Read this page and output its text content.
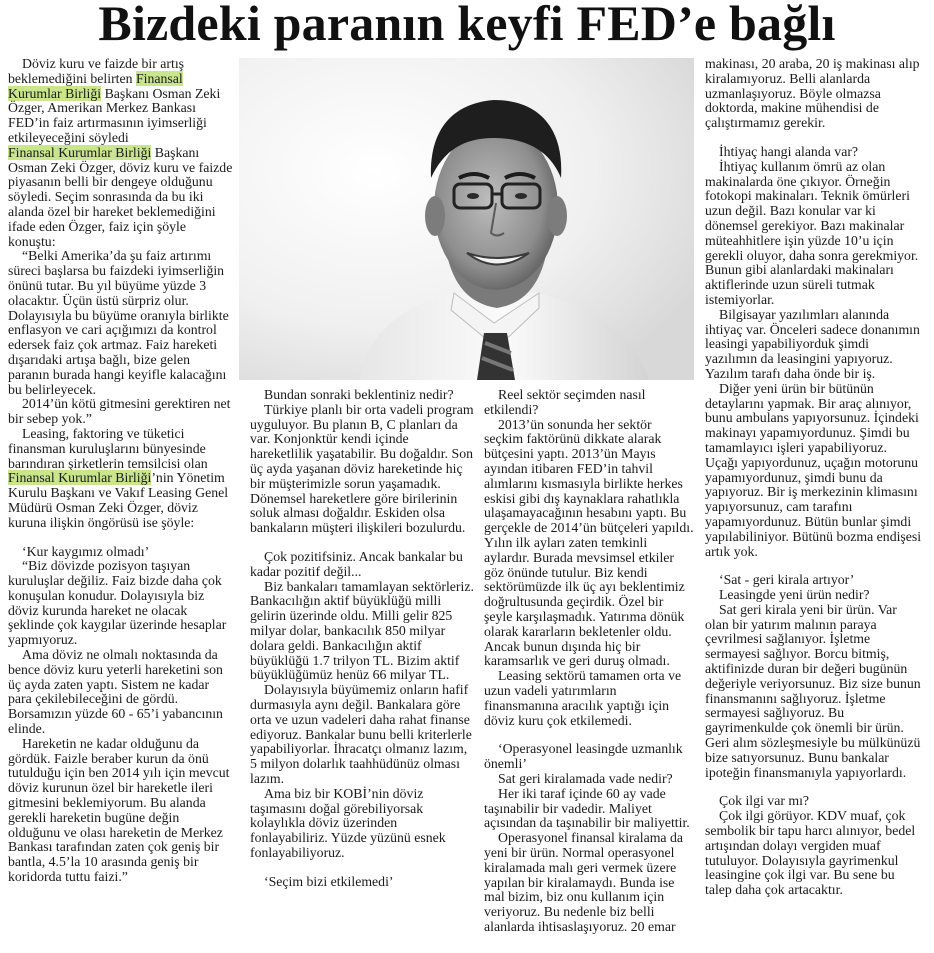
Bizdeki paranın keyfi FED’e bağlı

Döviz kuru ve faizde bir artış beklemediğini belirten Finansal Kurumlar Birliği Başkanı Osman Zeki Özger, Amerikan Merkez Bankası FED’in faiz artırmasının iyimserliği etkileyeceğini söyledi

Finansal Kurumlar Birliği Başkanı Osman Zeki Özger, döviz kuru ve faizde piyasanın belli bir dengeye olduğunu söyledi. Seçim sonrasında da bu iki alanda özel bir hareket beklemediğini ifade eden Özger, faiz için şöyle konuştu:

“Belki Amerika’da şu faiz artırımı süreci başlarsa bu faizdeki iyimserliğin önünü tutar. Bu yıl büyüme yüzde 3 olacaktır. Üçün üstü sürpriz olur. Dolayısıyla bu büyüme oranıyla birlikte enflasyon ve cari açığımızı da kontrol edersek faiz çok artmaz. Faiz hareketi dışarıdaki artışa bağlı, bize gelen paranın burada hangi keyifle kalacağını bu belirleyecek.

2014’ün kötü gitmesini gerektiren net bir sebep yok.”

Leasing, faktoring ve tüketici finansman kuruluşlarını bünyesinde barındıran şirketlerin temsilcisi olan Finansal Kurumlar Birliği’nin Yönetim Kurulu Başkanı ve Vakıf Leasing Genel Müdürü Osman Zeki Özger, döviz kuruna ilişkin öngörüsü ise şöyle:

‘Kur kaygımız olmadı’

“Biz dövizde pozisyon taşıyan kuruluşlar değiliz. Faiz bizde daha çok konuşulan konudur. Dolayısıyla biz döviz kurunda hareket ne olacak şeklinde çok kaygılar üzerinde hesaplar yapmıyoruz.

Ama döviz ne olmalı noktasında da bence döviz kuru yeterli hareketini son üç ayda zaten yaptı. Sistem ne kadar para çekilebileceğini de gördü. Borsamızın yüzde 60 - 65’i yabancının elinde.

Hareketin ne kadar olduğunu da gördük. Faizle beraber kurun da önü tutulduğu için ben 2014 yılı için mevcut döviz kurunun özel bir hareketle ileri gitmesini beklemiyorum. Bu alanda gerekli hareketin bugüne değin olduğunu ve olası hareketin de Merkez Bankası tarafından zaten çok geniş bir bantla, 4.5’la 10 arasında geniş bir koridorda tuttu faizi.”

Bundan sonraki beklentiniz nedir?

Türkiye planlı bir orta vadeli program uyguluyor. Bu planın B, C planları da var. Konjonktür kendi içinde hareketlilik yaşatabilir. Bu doğaldır. Son üç ayda yaşanan döviz hareketinde hiç bir müşterimizle sorun yaşamadık. Dönemsel hareketlere göre birilerinin soluk alması doğaldır. Eskiden olsa bankaların müşteri ilişkileri bozulurdu.

Çok pozitifsiniz. Ancak bankalar bu kadar pozitif değil...

Biz bankaları tamamlayan sektörleriz. Bankacılığın aktif büyüklüğü milli gelirin üzerinde oldu. Milli gelir 825 milyar dolar, bankacılık 850 milyar dolara geldi. Bankacılığın aktif büyüklüğü 1.7 trilyon TL. Bizim aktif büyüklüğümüz henüz 66 milyar TL.

Dolayısıyla büyümemiz onların hafif durmasıyla aynı değil. Bankalara göre orta ve uzun vadeleri daha rahat finanse ediyoruz. Bankalar bunu belli kriterlerle yapabiliyorlar. İhracatçı olmanız lazım, 5 milyon dolarlık taahhüdünüz olması lazım.

Ama biz bir KOBİ’nin döviz taşımasını doğal görebiliyorsak kolaylıkla döviz üzerinden fonlayabiliriz. Yüzde yüzünü esnek fonlayabiliyoruz.

‘Seçim bizi etkilemedi’

Reel sektör seçimden nasıl etkilendi?

2013’ün sonunda her sektör seçkim faktörünü dikkate alarak bütçesini yaptı. 2013’ün Mayıs ayından itibaren FED’in tahvil alımlarını kısmasıyla birlikte herkes eskisi gibi dış kaynaklara rahatlıkla ulaşamayacağının hesabını yaptı. Bu gerçekle de 2014’ün bütçeleri yapıldı. Yılın ilk ayları zaten temkinli aylardır. Burada mevsimsel etkiler göz önünde tutulur. Biz kendi sektörümüzde ilk üç ayı beklentimiz doğrultusunda geçirdik. Özel bir şeyle karşılaşmadık. Yatırıma dönük olarak kararların bekletenler oldu. Ancak bunun dışında hiç bir karamsarlık ve geri duruş olmadı.

Leasing sektörü tamamen orta ve uzun vadeli yatırımların finansmanına aracılık yaptığı için döviz kuru çok etkilemedi.

‘Operasyonel leasingde uzmanlık önemli’

Sat geri kiralamada vade nedir?

Her iki taraf içinde 60 ay vade taşınabilir bir vadedir. Maliyet açısından da taşınabilir bir maliyettir.

Operasyonel finansal kiralama da yeni bir ürün. Normal operasyonel kiralamada malı geri vermek üzere yapılan bir kiralamaydı. Bunda ise mal bizim, biz onu kullanım için veriyoruz. Bu nedenle biz belli alanlarda ihtisaslaşıyoruz. 20 emar

makinası, 20 araba, 20 iş makinası alıp kiralamıyoruz. Belli alanlarda uzmanlaşıyoruz. Böyle olmazsa doktorda, makine mühendisi de çalıştırmamız gerekir.

İhtiyaç hangi alanda var?

İhtiyaç kullanım ömrü az olan makinalarda öne çıkıyor. Örneğin fotokopi makinaları. Teknik ömürleri uzun değil. Bazı konular var ki dönemsel gerekiyor. Bazı makinalar müteahhitlere işin yüzde 10’u için gerekli oluyor, daha sonra gerekmiyor. Bunun gibi alanlardaki makinaları aktiflerinde uzun süreli tutmak istemiyorlar.

Bilgisayar yazılımları alanında ihtiyaç var. Önceleri sadece donanımın leasingi yapabiliyorduk şimdi yazılımın da leasingini yapıyoruz. Yazılım tarafı daha önde bir iş.

Diğer yeni ürün bir bütünün detaylarını yapmak. Bir araç alınıyor, bunu ambulans yapıyorsunuz. İçindeki makinayı yapamıyordunuz. Şimdi bu tamamlayıcı işleri yapabiliyoruz. Uçağı yapıyordunuz, uçağın motorunu yapamıyordunuz, şimdi bunu da yapıyoruz. Bir iş merkezinin klimasını yapıyorsunuz, cam tarafını yapamıyordunuz. Bütün bunlar şimdi yapılabiliniyor. Bütünü bozma endişesi artık yok.

‘Sat - geri kirala artıyor’

Leasingde yeni ürün nedir?

Sat geri kirala yeni bir ürün. Var olan bir yatırım malının paraya çevrilmesi sağlanıyor. İşletme sermayesi sağlıyor. Borcu bitmiş, aktifinizde duran bir değeri bugünün değeriyle veriyorsunuz. Biz size bunun finansmanını sağlıyoruz. İşletme sermayesi sağlıyoruz. Bu gayrimenkulde çok önemli bir ürün. Geri alım sözleşmesiyle bu mülkünüzü bize satıyorsunuz. Bunu bankalar ipoteğin finansmanıyla yapıyorlardı.

Çok ilgi var mı?

Çok ilgi görüyor. KDV muaf, çok sembolik bir tapu harcı alınıyor, bedel artışından dolayı vergiden muaf tutuluyor. Dolayısıyla gayrimenkul leasingine çok ilgi var. Bu sene bu talep daha çok artacaktır.
